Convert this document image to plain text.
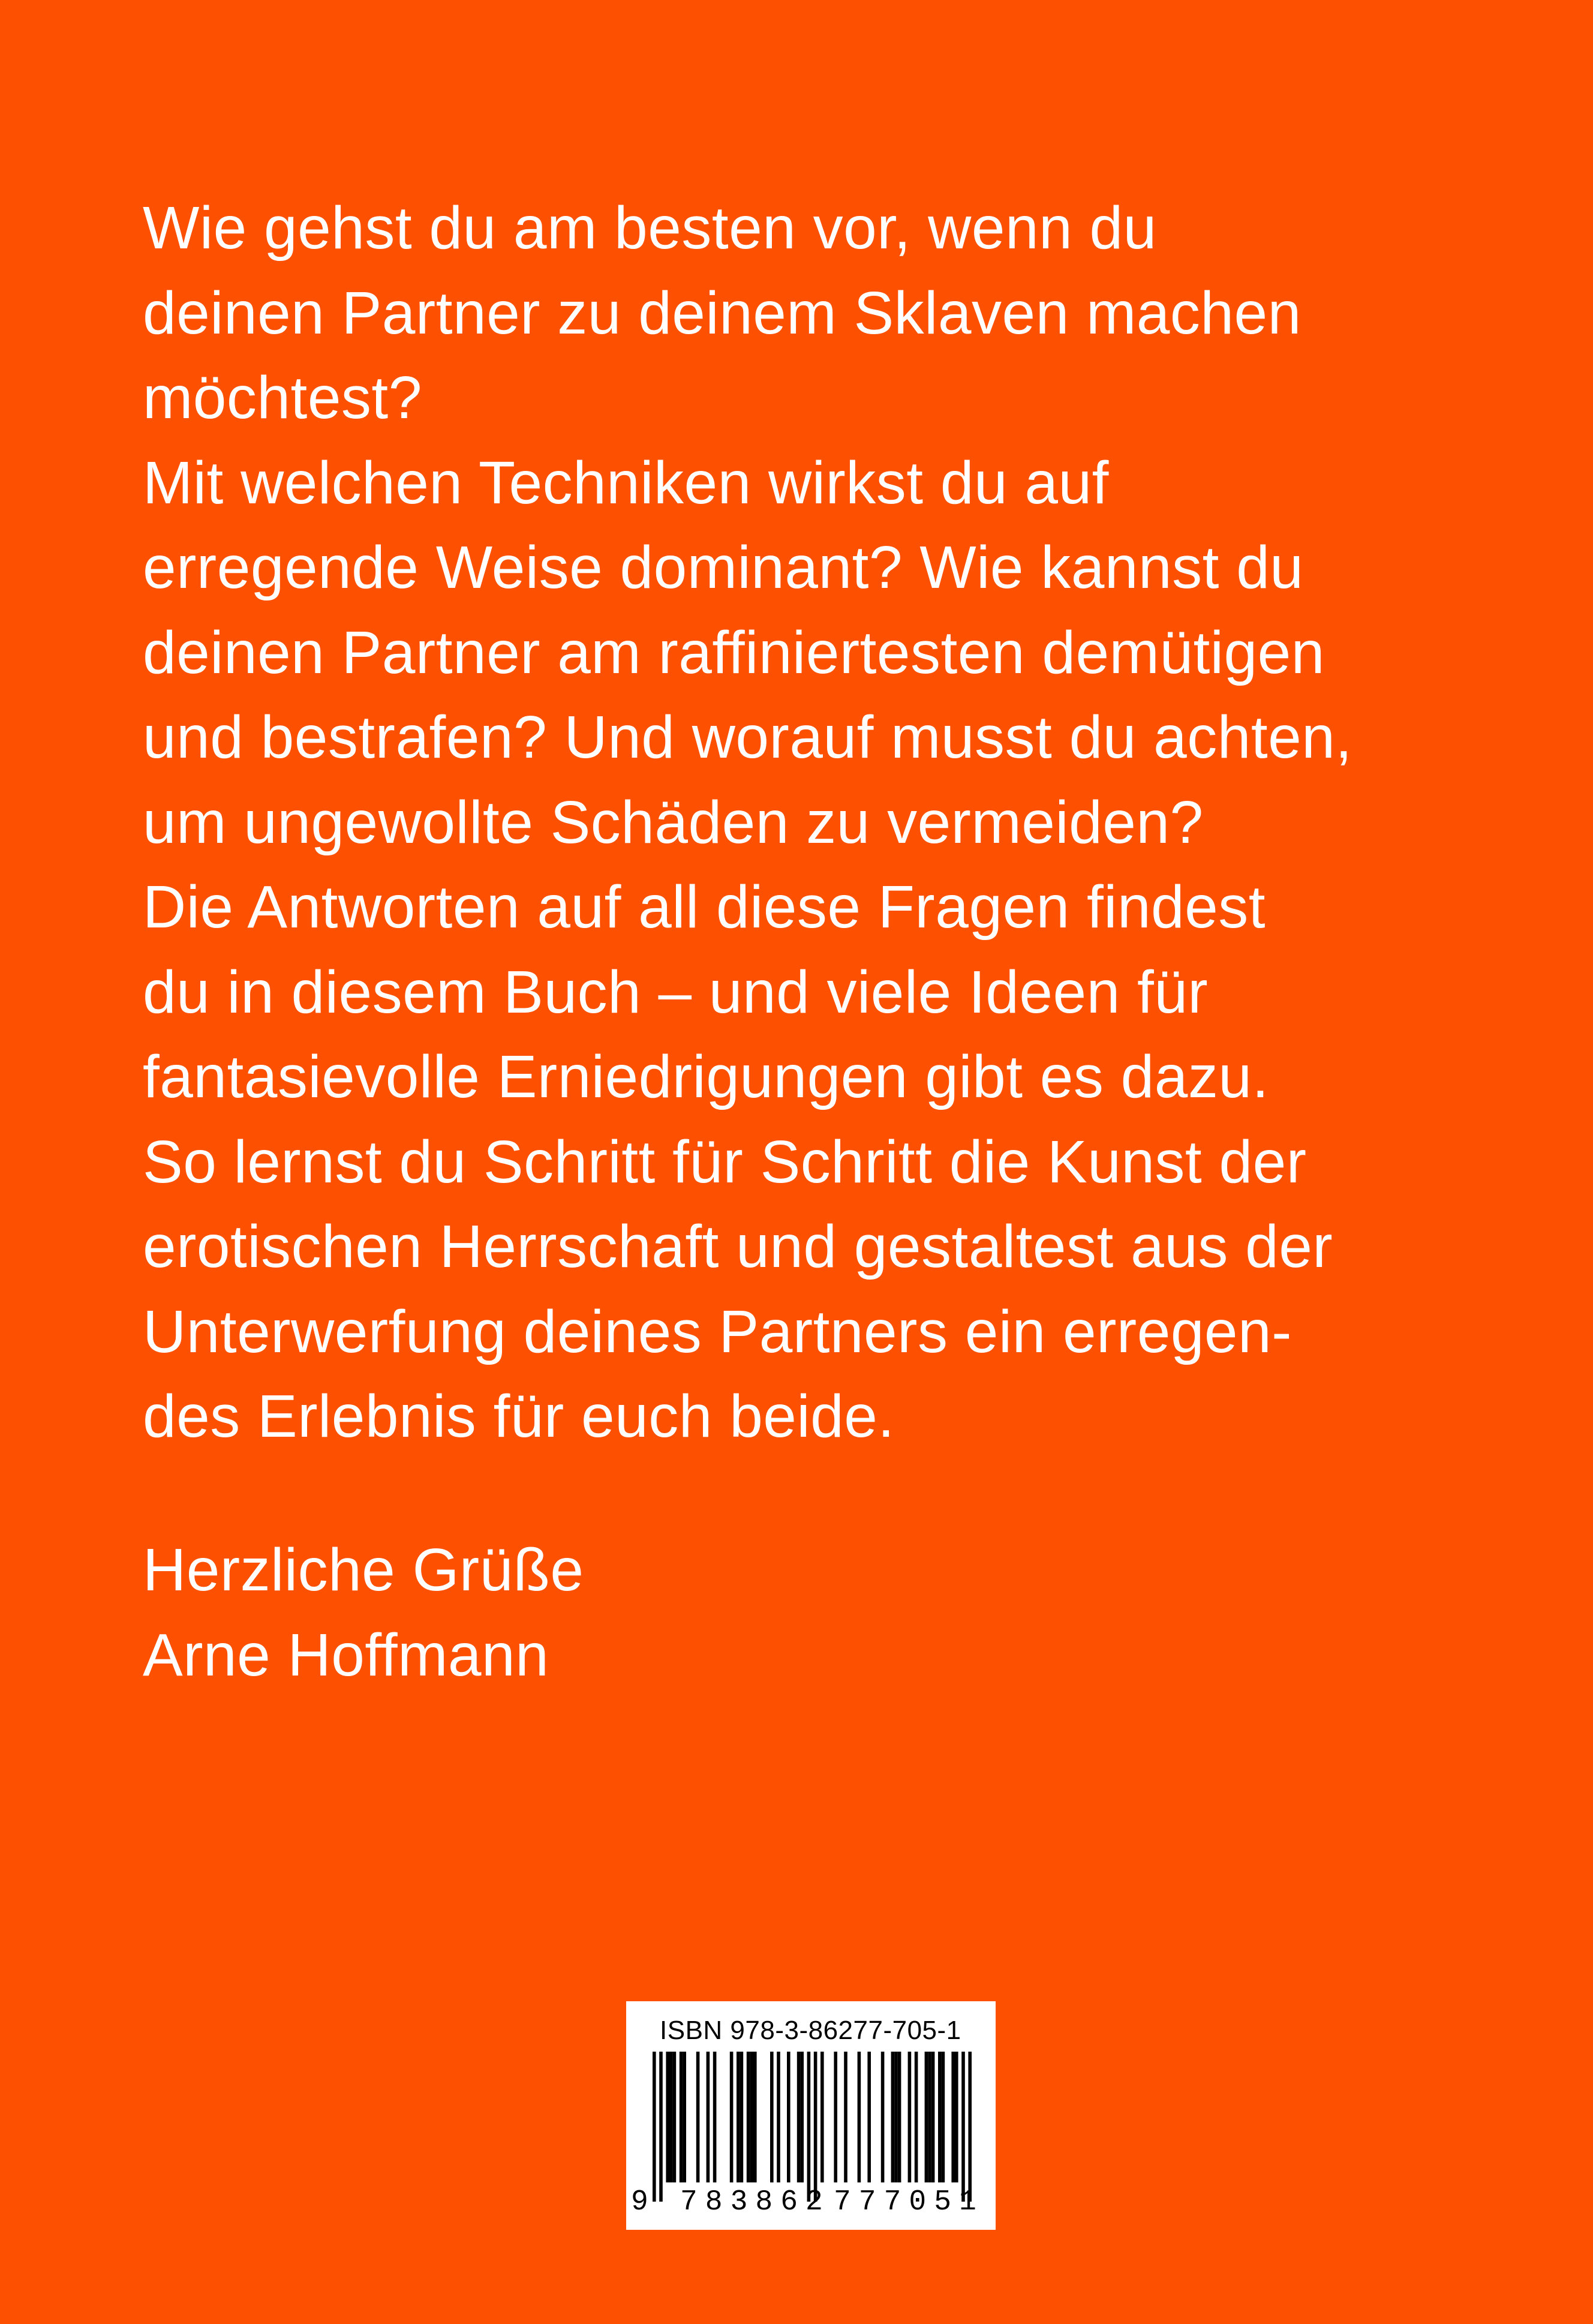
Wie gehst du am besten vor, wenn du
deinen Partner zu deinem Sklaven machen
möchtest?
Mit welchen Techniken wirkst du auf
erregende Weise dominant? Wie kannst du
deinen Partner am raffiniertesten demütigen
und bestrafen? Und worauf musst du achten,
um ungewollte Schäden zu vermeiden?
Die Antworten auf all diese Fragen findest
du in diesem Buch – und viele Ideen für
fantasievolle Erniedrigungen gibt es dazu.
So lernst du Schritt für Schritt die Kunst der
erotischen Herrschaft und gestaltest aus der
Unterwerfung deines Partners ein erregen-
des Erlebnis für euch beide.
Herzliche Grüße
Arne Hoffmann
ISBN 978-3-86277-705-1
9 783862 777051
